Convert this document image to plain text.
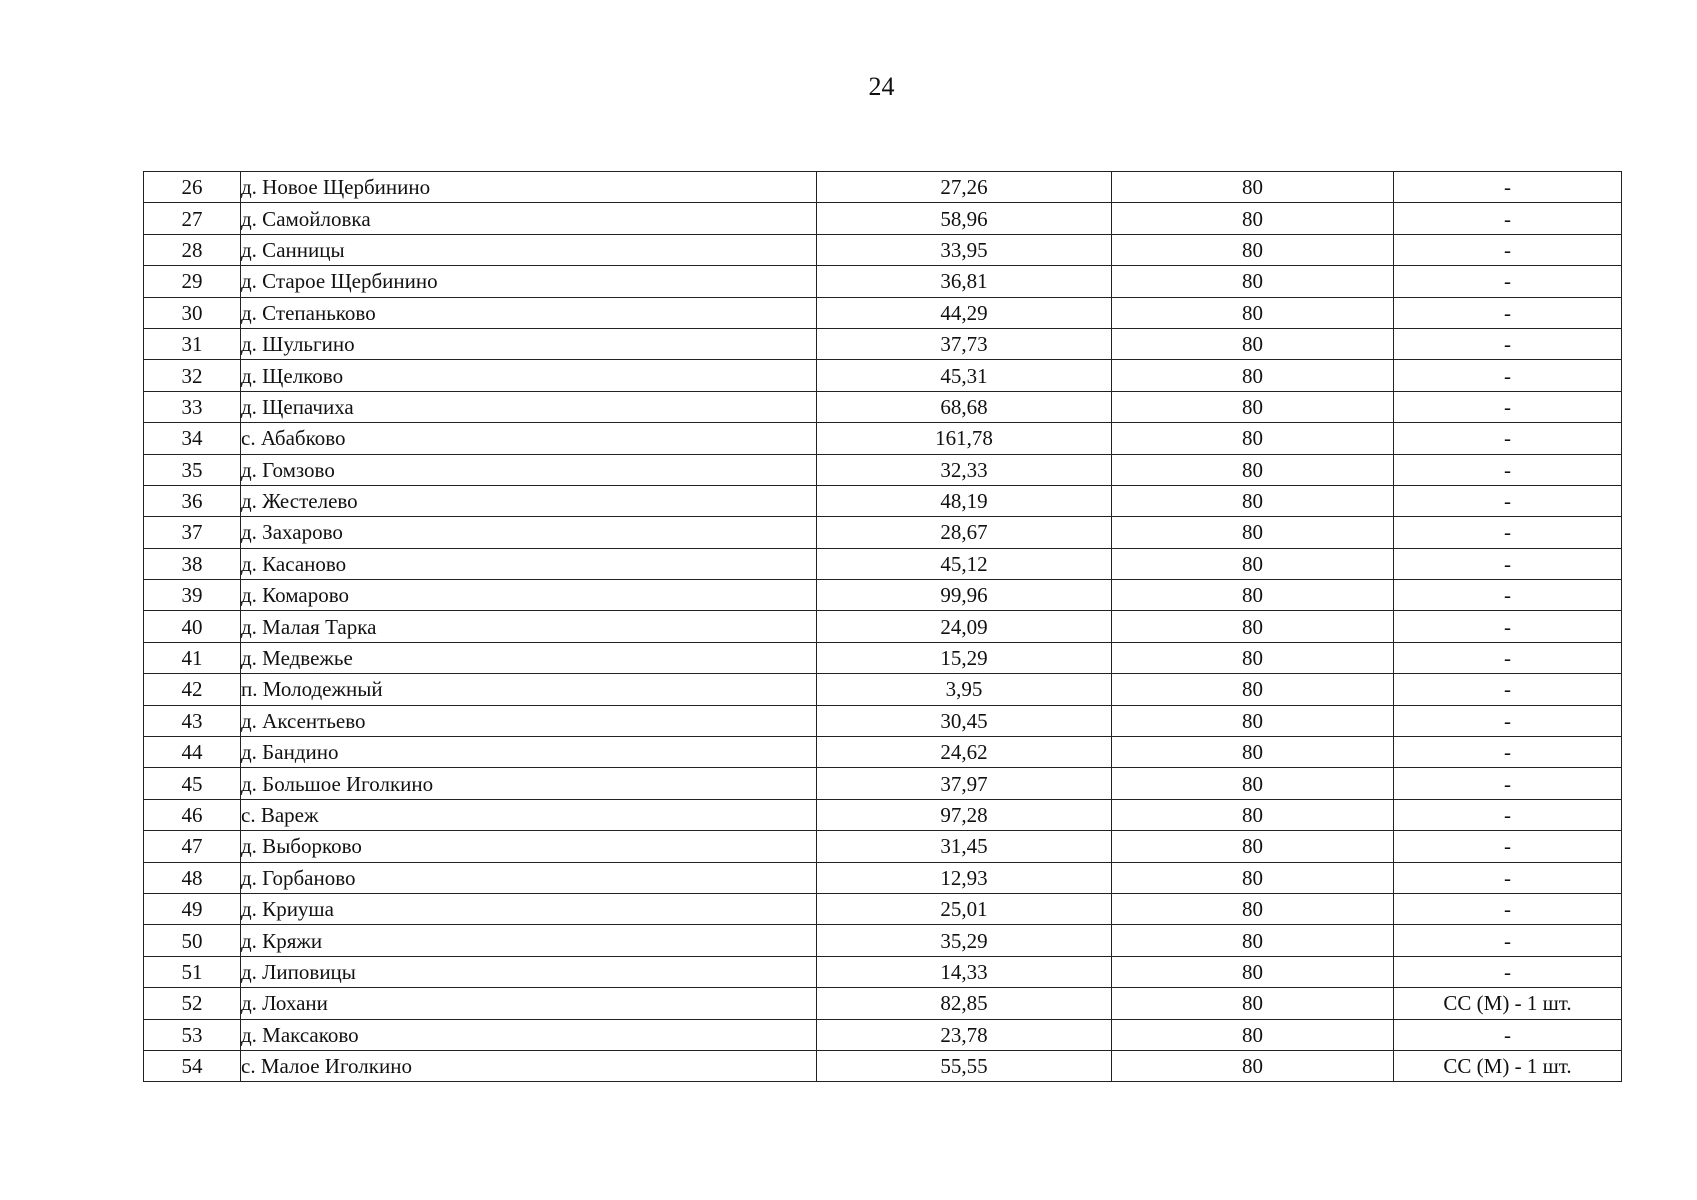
24
26	д. Новое Щербинино	27,26	80	-
27	д. Самойловка	58,96	80	-
28	д. Санницы	33,95	80	-
29	д. Старое Щербинино	36,81	80	-
30	д. Степаньково	44,29	80	-
31	д. Шульгино	37,73	80	-
32	д. Щелково	45,31	80	-
33	д. Щепачиха	68,68	80	-
34	с. Абабково	161,78	80	-
35	д. Гомзово	32,33	80	-
36	д. Жестелево	48,19	80	-
37	д. Захарово	28,67	80	-
38	д. Касаново	45,12	80	-
39	д. Комарово	99,96	80	-
40	д. Малая Тарка	24,09	80	-
41	д. Медвежье	15,29	80	-
42	п. Молодежный	3,95	80	-
43	д. Аксентьево	30,45	80	-
44	д. Бандино	24,62	80	-
45	д. Большое Иголкино	37,97	80	-
46	с. Вареж	97,28	80	-
47	д. Выборково	31,45	80	-
48	д. Горбаново	12,93	80	-
49	д. Криуша	25,01	80	-
50	д. Кряжи	35,29	80	-
51	д. Липовицы	14,33	80	-
52	д. Лохани	82,85	80	СС (М) - 1 шт.
53	д. Максаково	23,78	80	-
54	с. Малое Иголкино	55,55	80	СС (М) - 1 шт.
